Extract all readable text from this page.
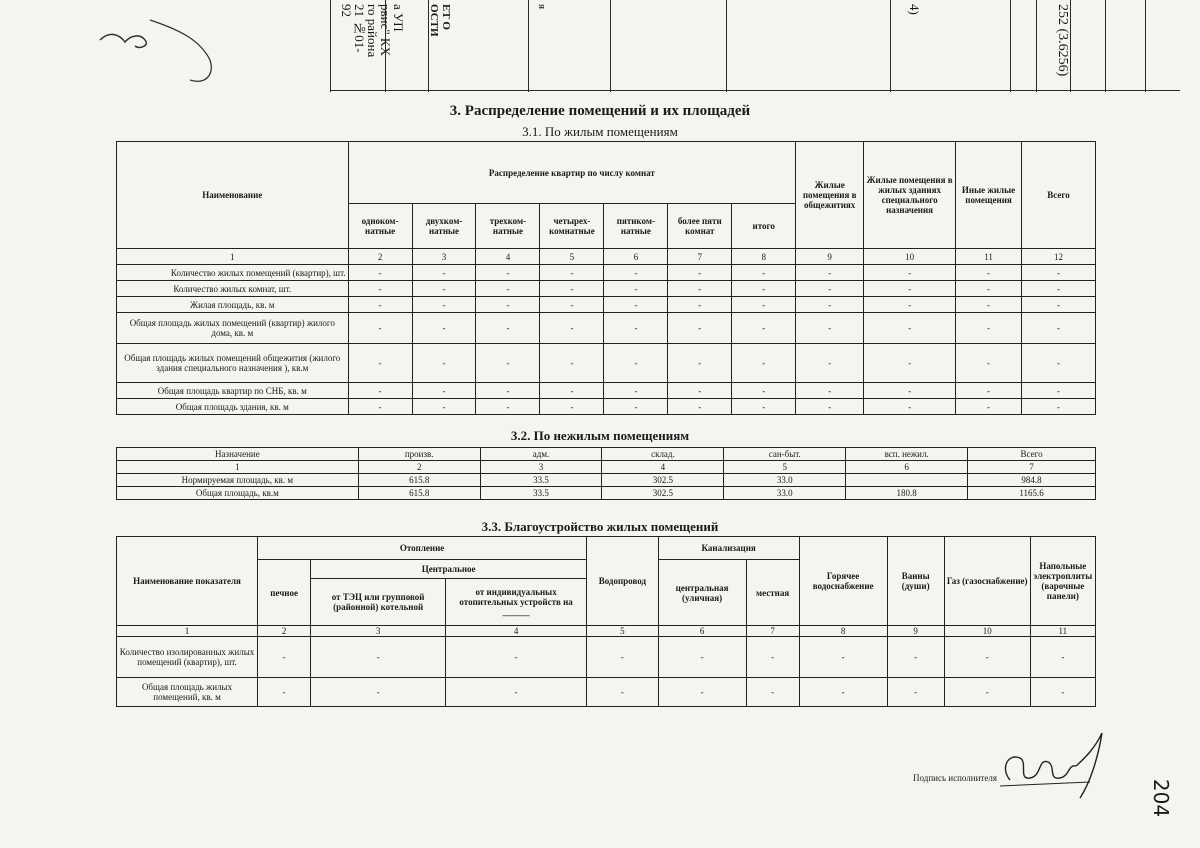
а УП
рвис" КХ
го района
21 №01-
92	ЕТ О
ОСТИ	я	4)	252 (3.6256)
3. Распределение помещений и их площадей
3.1. По жилым помещениям
Наименование	Распределение квартир по числу комнат							Жилые помещения в общежитиях	Жилые помещения в жилых зданиях специального назначения	Иные жилые помещения	Всего
	одноком-натные	двухком-натные	трехком-натные	четырех-комнатные	пятиком-натные	более пяти комнат	итого				
1	2	3	4	5	6	7	8	9	10	11	12
Количество жилых помещений (квартир), шт.	-	-	-	-	-	-	-	-	-	-	-
Количество жилых комнат, шт.	-	-	-	-	-	-	-	-	-	-	-
Жилая площадь, кв. м	-	-	-	-	-	-	-	-	-	-	-
Общая площадь жилых помещений (квартир) жилого дома, кв. м	-	-	-	-	-	-	-	-	-	-	-
Общая площадь жилых помещений общежития (жилого здания специального назначения ), кв.м	-	-	-	-	-	-	-	-	-	-	-
Общая площадь квартир по СНБ, кв. м	-	-	-	-	-	-	-	-	-	-	-
Общая площадь здания, кв. м	-	-	-	-	-	-	-	-	-	-	-
3.2. По нежилым помещениям
Назначение	произв.	адм.	склад.	сан-быт.	всп. нежил.	Всего
1	2	3	4	5	6	7
Нормируемая площадь, кв. м	615.8	33.5	302.5	33.0		984.8
Общая площадь, кв.м	615.8	33.5	302.5	33.0	180.8	1165.6
3.3. Благоустройство жилых помещений
Наименование показателя	Отопление			Водопровод	Канализация		Горячее водоснабжение	Ванны (души)	Газ (газоснабжение)	Напольные электроплиты (варочные панели)
	печное	Центральное			центральная (уличная)	местная				
		от ТЭЦ или групповой (районной) котельной	от индивидуальных отопительных устройств на ______							
1	2	3	4	5	6	7	8	9	10	11
Количество изолированных жилых помещений (квартир), шт.	-	-	-	-	-	-	-	-	-	-
Общая площадь жилых помещений, кв. м	-	-	-	-	-	-	-	-	-	-
Подпись исполнителя
204
